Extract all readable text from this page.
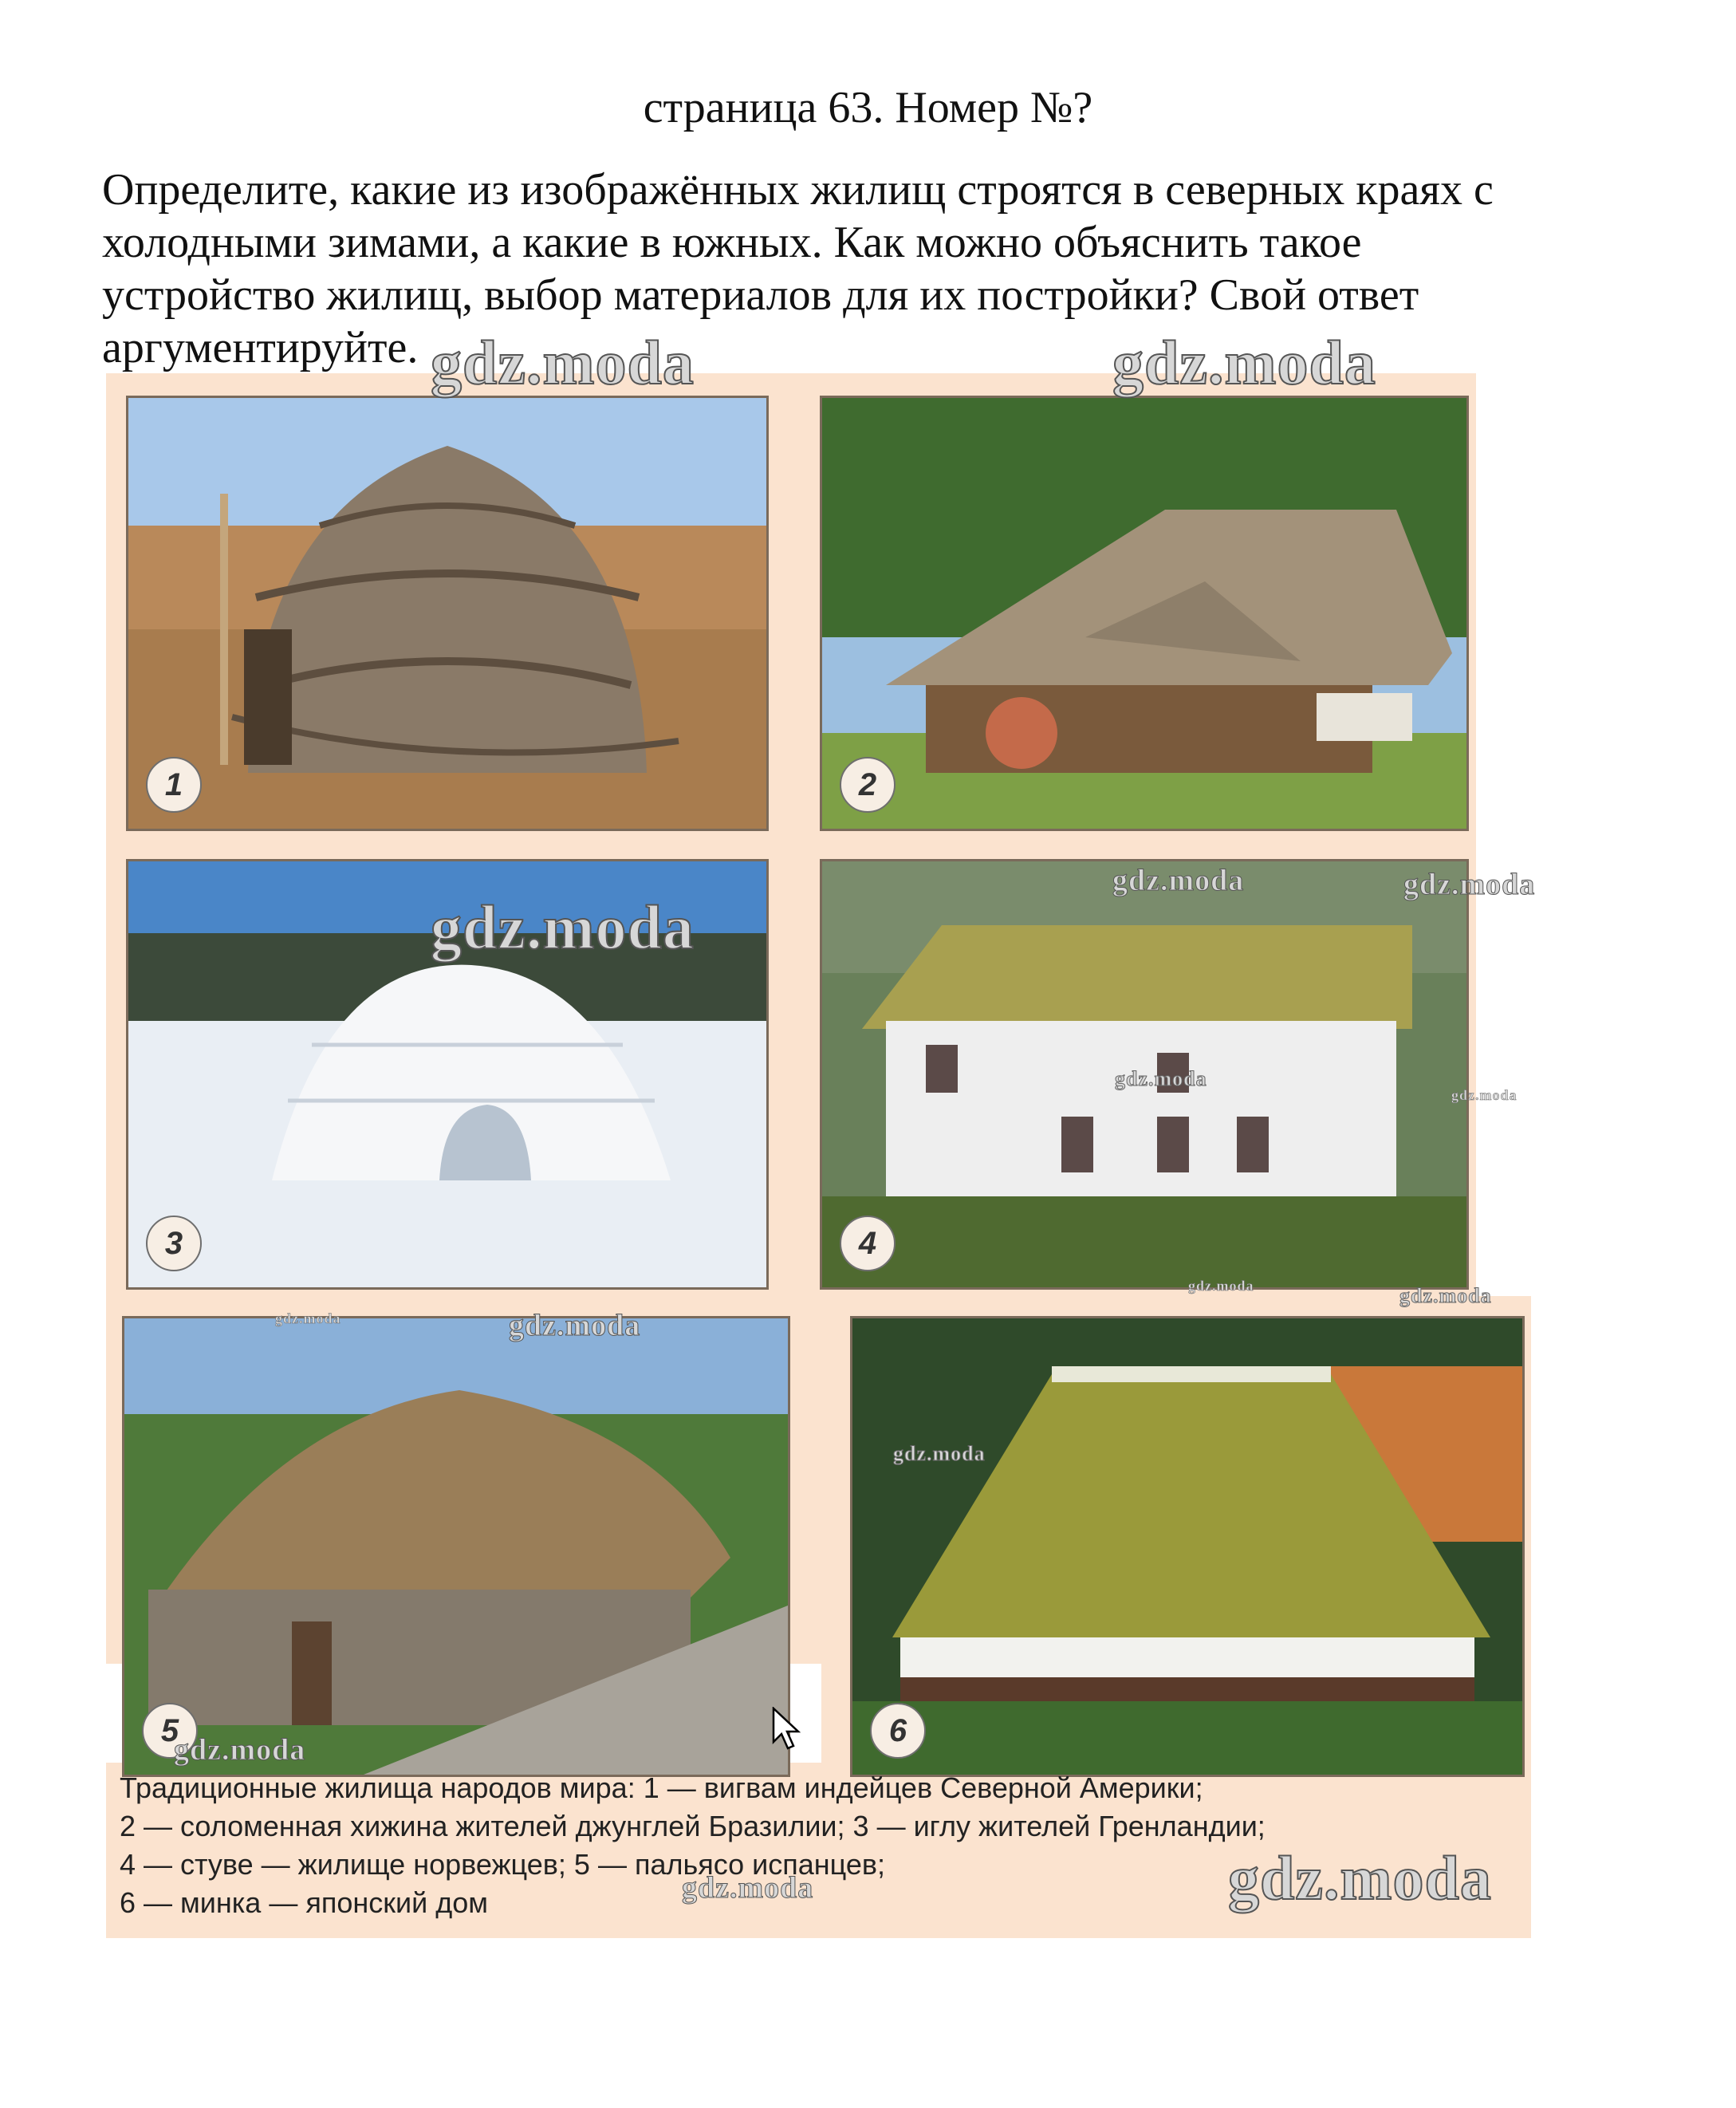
страница 63. Номер №?
Определите, какие из изображённых жилищ строятся в северных краях с
холодными зимами, а какие в южных. Как можно объяснить такое
устройство жилищ, выбор материалов для их постройки? Свой ответ
аргументируйте.
1	2
3	4
5	6

Традиционные жилища народов мира: 1 — вигвам индейцев Северной Америки;

2 — соломенная хижина жителей джунглей Бразилии; 3 — иглу жителей Гренландии;

4 — стуве — жилище норвежцев; 5 — пальясо испанцев;

6 — минка — японский дом

gdz.moda	gdz.moda
gdz.moda
gdz.moda	gdz.moda
gdz.moda
gdz.moda
gdz.moda	gdz.moda
gdz.moda	gdz.moda
gdz.moda
gdz.moda
gdz.moda	gdz.moda
